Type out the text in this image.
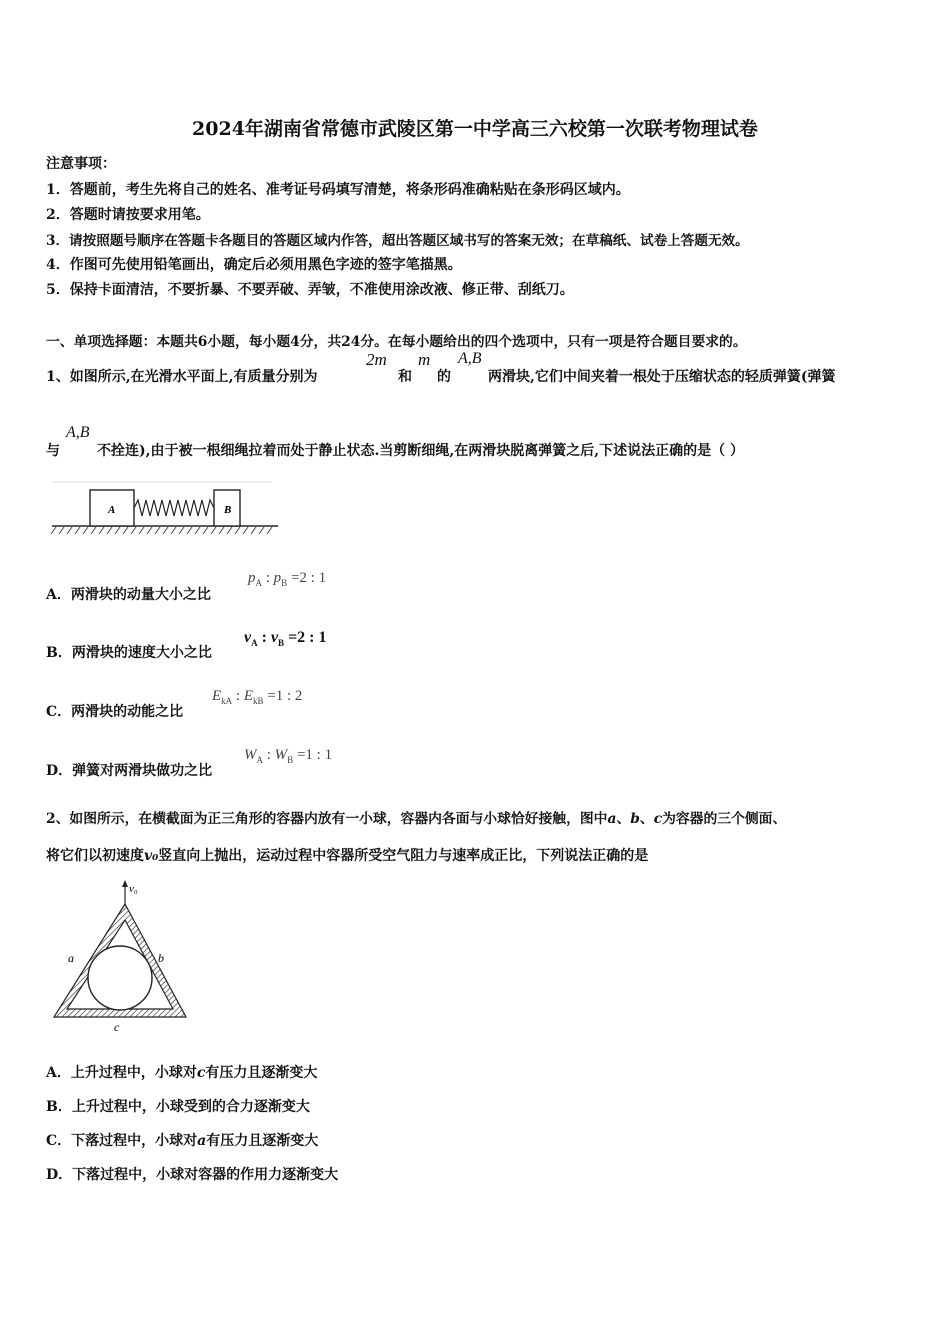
2024年湖南省常德市武陵区第一中学高三六校第一次联考物理试卷
注意事项：
1．答题前，考生先将自己的姓名、准考证号码填写清楚，将条形码准确粘贴在条形码区域内。
2．答题时请按要求用笔。
3．请按照题号顺序在答题卡各题目的答题区域内作答，超出答题区域书写的答案无效；在草稿纸、试卷上答题无效。
4．作图可先使用铅笔画出，确定后必须用黑色字迹的签字笔描黑。
5．保持卡面清洁，不要折暴、不要弄破、弄皱，不准使用涂改液、修正带、刮纸刀。
一、单项选择题：本题共6小题，每小题4分，共24分。在每小题给出的四个选项中，只有一项是符合题目要求的。
1、如图所示,在光滑水平面上,有质量分别为
2m
和
m
的
A,B
两滑块,它们中间夹着一根处于压缩状态的轻质弹簧(弹簧
与
A,B
不拴连),由于被一根细绳拉着而处于静止状态.当剪断细绳,在两滑块脱离弹簧之后,下述说法正确的是（ ）
A	B
A．两滑块的动量大小之比
$p_A$ : $p_B =2$ : 1
B．两滑块的速度大小之比
$v_A$ : $v_B =2$ : 1
C．两滑块的动能之比
$E_{kA}$ : $E_{kB} =1$ : 2
D．弹簧对两滑块做功之比
$W_A$ : $W_B =1$ : 1
2、如图所示，在横截面为正三角形的容器内放有一小球，容器内各面与小球恰好接触，图中a、b、c为容器的三个侧面、
将它们以初速度v₀竖直向上抛出，运动过程中容器所受空气阻力与速率成正比，下列说法正确的是
v₀
a	b
c
A．上升过程中，小球对c有压力且逐渐变大
B．上升过程中，小球受到的合力逐渐变大
C．下落过程中，小球对a有压力且逐渐变大
D．下落过程中，小球对容器的作用力逐渐变大
